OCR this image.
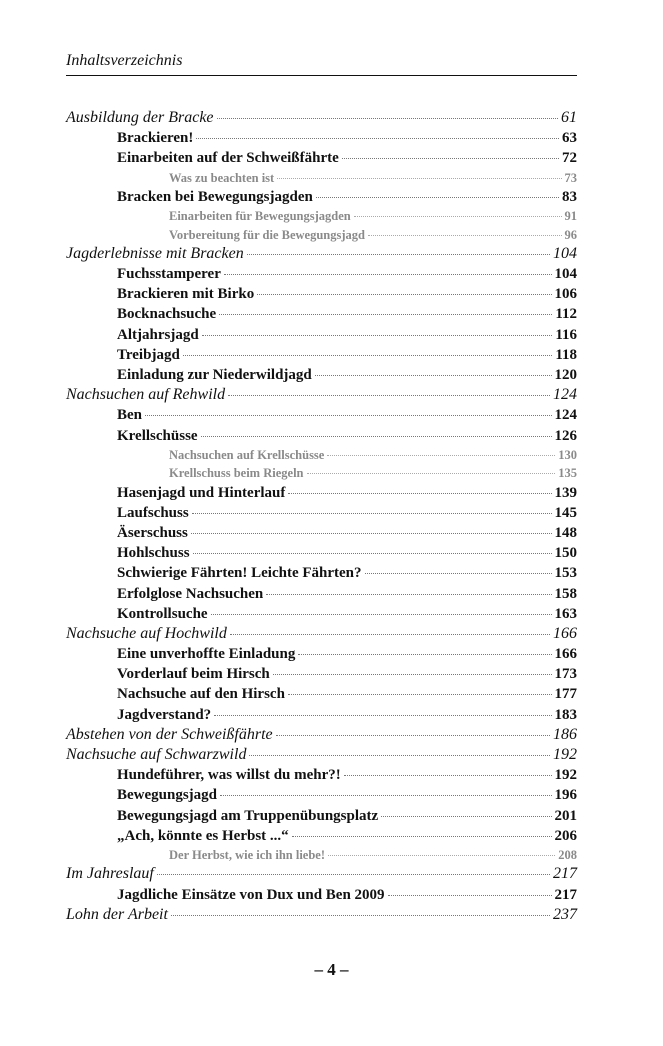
Inhaltsverzeichnis
Ausbildung der Bracke	61
Brackieren!	63
Einarbeiten auf der Schweißfährte	72
Was zu beachten ist	73
Bracken bei Bewegungsjagden	83
Einarbeiten für Bewegungsjagden	91
Vorbereitung für die Bewegungsjagd	96
Jagderlebnisse mit Bracken	104
Fuchsstamperer	104
Brackieren mit Birko	106
Bocknachsuche	112
Altjahrsjagd	116
Treibjagd	118
Einladung zur Niederwildjagd	120
Nachsuchen auf Rehwild	124
Ben	124
Krellschüsse	126
Nachsuchen auf Krellschüsse	130
Krellschuss beim Riegeln	135
Hasenjagd und Hinterlauf	139
Laufschuss	145
Äserschuss	148
Hohlschuss	150
Schwierige Fährten! Leichte Fährten?	153
Erfolglose Nachsuchen	158
Kontrollsuche	163
Nachsuche auf Hochwild	166
Eine unverhoffte Einladung	166
Vorderlauf beim Hirsch	173
Nachsuche auf den Hirsch	177
Jagdverstand?	183
Abstehen von der Schweißfährte	186
Nachsuche auf Schwarzwild	192
Hundeführer, was willst du mehr?!	192
Bewegungsjagd	196
Bewegungsjagd am Truppenübungsplatz	201
„Ach, könnte es Herbst ...“	206
Der Herbst, wie ich ihn liebe!	208
Im Jahreslauf	217
Jagdliche Einsätze von Dux und Ben 2009	217
Lohn der Arbeit	237
– 4 –
